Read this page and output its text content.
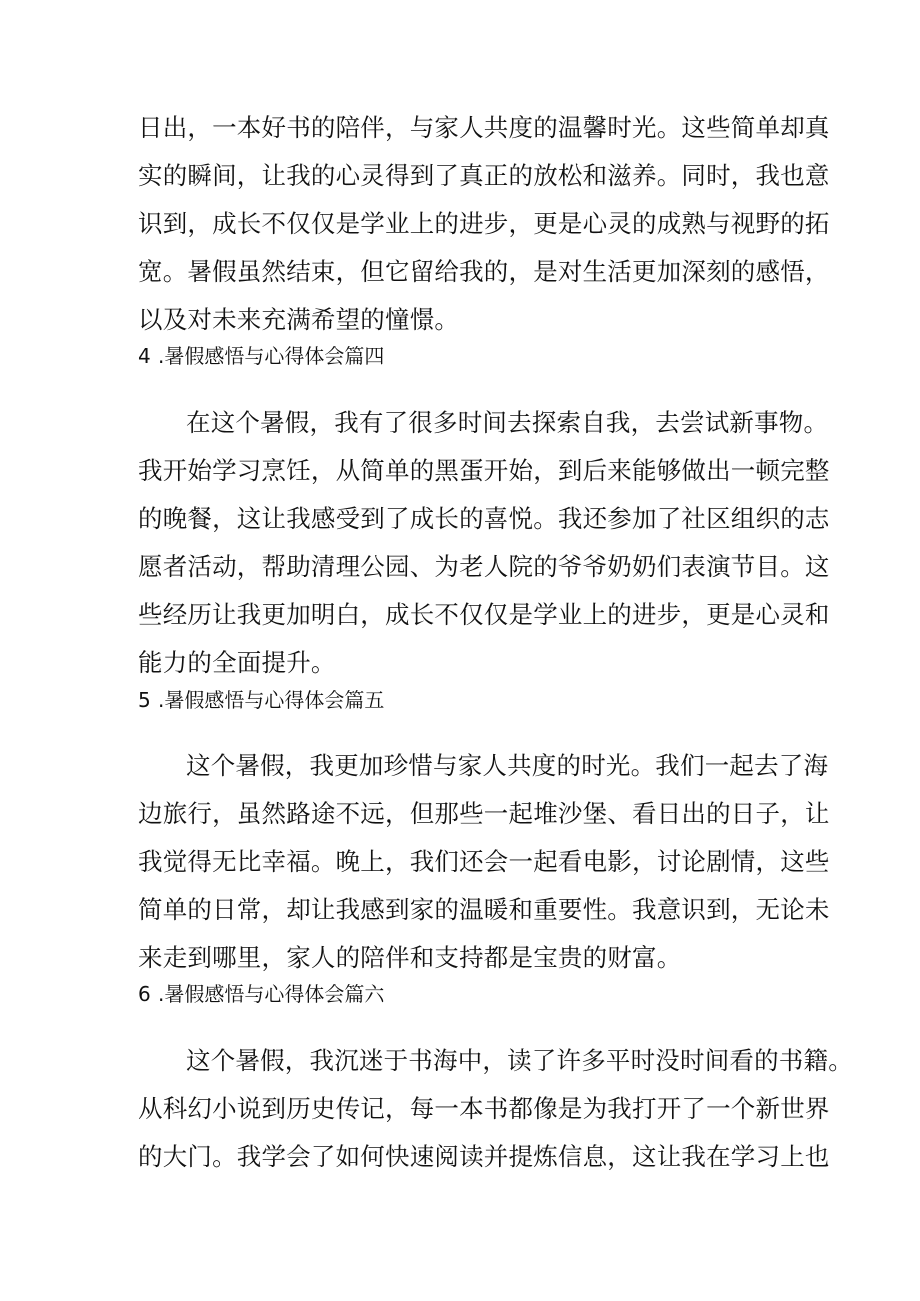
日出，一本好书的陪伴，与家人共度的温馨时光。这些简单却真
实的瞬间，让我的心灵得到了真正的放松和滋养。同时，我也意
识到，成长不仅仅是学业上的进步，更是心灵的成熟与视野的拓
宽。暑假虽然结束，但它留给我的，是对生活更加深刻的感悟，
以及对未来充满希望的憧憬。
4 .暑假感悟与心得体会篇四
在这个暑假，我有了很多时间去探索自我，去尝试新事物。
我开始学习烹饪，从简单的黑蛋开始，到后来能够做出一顿完整
的晚餐，这让我感受到了成长的喜悦。我还参加了社区组织的志
愿者活动，帮助清理公园、为老人院的爷爷奶奶们表演节目。这
些经历让我更加明白，成长不仅仅是学业上的进步，更是心灵和
能力的全面提升。
5 .暑假感悟与心得体会篇五
这个暑假，我更加珍惜与家人共度的时光。我们一起去了海
边旅行，虽然路途不远，但那些一起堆沙堡、看日出的日子，让
我觉得无比幸福。晚上，我们还会一起看电影，讨论剧情，这些
简单的日常，却让我感到家的温暖和重要性。我意识到，无论未
来走到哪里，家人的陪伴和支持都是宝贵的财富。
6 .暑假感悟与心得体会篇六
这个暑假，我沉迷于书海中，读了许多平时没时间看的书籍。
从科幻小说到历史传记，每一本书都像是为我打开了一个新世界
的大门。我学会了如何快速阅读并提炼信息，这让我在学习上也
